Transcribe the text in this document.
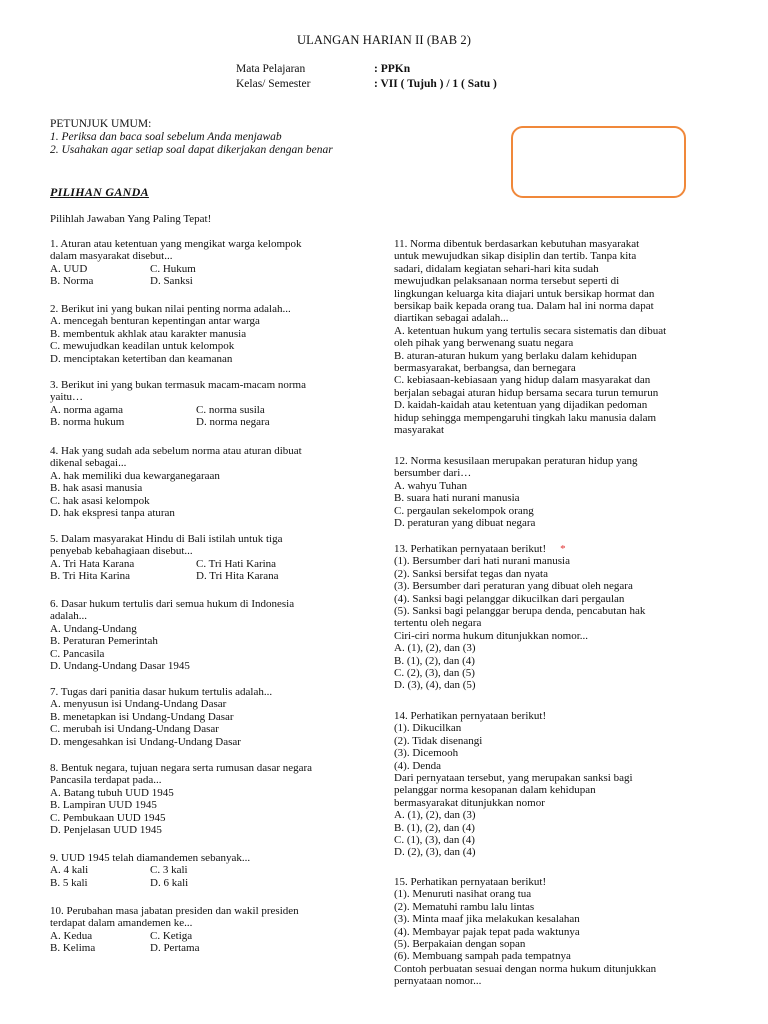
ULANGAN HARIAN II (BAB 2)
Mata Pelajaran	: PPKn
Kelas/ Semester	: VII ( Tujuh ) / 1 ( Satu )
PETUNJUK UMUM:
1. Periksa dan baca soal sebelum Anda menjawab
2. Usahakan agar setiap soal dapat dikerjakan dengan benar
PILIHAN GANDA
Pilihlah Jawaban Yang Paling Tepat!
1. Aturan atau ketentuan yang mengikat warga kelompok
dalam masyarakat disebut...
A. UUD	C. Hukum
B. Norma	D. Sanksi
2. Berikut ini yang bukan nilai penting norma adalah...
A. mencegah benturan kepentingan antar warga
B. membentuk akhlak atau karakter manusia
C. mewujudkan keadilan untuk kelompok
D. menciptakan ketertiban dan keamanan
3. Berikut ini yang bukan termasuk macam-macam norma
yaitu…
A. norma agama	C. norma susila
B. norma hukum	D. norma negara
4. Hak yang sudah ada sebelum norma atau aturan dibuat
dikenal sebagai...
A. hak memiliki dua kewarganegaraan
B. hak asasi manusia
C. hak asasi kelompok
D. hak ekspresi tanpa aturan
5. Dalam masyarakat Hindu di Bali istilah untuk tiga
penyebab kebahagiaan disebut...
A. Tri Hata Karana	C. Tri Hati Karina
B. Tri Hita Karina	D. Tri Hita Karana
6. Dasar hukum tertulis dari semua hukum di Indonesia
adalah...
A. Undang-Undang
B. Peraturan Pemerintah
C. Pancasila
D. Undang-Undang Dasar 1945
7. Tugas dari panitia dasar hukum tertulis adalah...
A. menyusun isi Undang-Undang Dasar
B. menetapkan isi Undang-Undang Dasar
C. merubah isi Undang-Undang Dasar
D. mengesahkan isi Undang-Undang Dasar
8. Bentuk negara, tujuan negara serta rumusan dasar negara
Pancasila terdapat pada...
A. Batang tubuh UUD 1945
B. Lampiran UUD 1945
C. Pembukaan UUD 1945
D. Penjelasan UUD 1945
9. UUD 1945 telah diamandemen sebanyak...
A. 4 kali	C. 3 kali
B. 5 kali	D. 6 kali
10. Perubahan masa jabatan presiden dan wakil presiden
terdapat dalam amandemen ke...
A. Kedua	C. Ketiga
B. Kelima	D. Pertama
11. Norma dibentuk berdasarkan kebutuhan masyarakat
untuk mewujudkan sikap disiplin dan tertib. Tanpa kita
sadari, didalam kegiatan sehari-hari kita sudah
mewujudkan pelaksanaan norma tersebut seperti di
lingkungan keluarga kita diajari untuk bersikap hormat dan
bersikap baik kepada orang tua. Dalam hal ini norma dapat
diartikan sebagai adalah...
A. ketentuan hukum yang tertulis secara sistematis dan dibuat
oleh pihak yang berwenang suatu negara
B. aturan-aturan hukum yang berlaku dalam kehidupan
bermasyarakat, berbangsa, dan bernegara
C. kebiasaan-kebiasaan yang hidup dalam masyarakat dan
berjalan sebagai aturan hidup bersama secara turun temurun
D. kaidah-kaidah atau ketentuan yang dijadikan pedoman
hidup sehingga mempengaruhi tingkah laku manusia dalam
masyarakat
12. Norma kesusilaan merupakan peraturan hidup yang
bersumber dari…
A. wahyu Tuhan
B. suara hati nurani manusia
C. pergaulan sekelompok orang
D. peraturan yang dibuat negara
13. Perhatikan pernyataan berikut! *
(1). Bersumber dari hati nurani manusia
(2). Sanksi bersifat tegas dan nyata
(3). Bersumber dari peraturan yang dibuat oleh negara
(4). Sanksi bagi pelanggar dikucilkan dari pergaulan
(5). Sanksi bagi pelanggar berupa denda, pencabutan hak
tertentu oleh negara
Ciri-ciri norma hukum ditunjukkan nomor...
A. (1), (2), dan (3)
B. (1), (2), dan (4)
C. (2), (3), dan (5)
D. (3), (4), dan (5)
14. Perhatikan pernyataan berikut!
(1). Dikucilkan
(2). Tidak disenangi
(3). Dicemooh
(4). Denda
Dari pernyataan tersebut, yang merupakan sanksi bagi
pelanggar norma kesopanan dalam kehidupan
bermasyarakat ditunjukkan nomor
A. (1), (2), dan (3)
B. (1), (2), dan (4)
C. (1), (3), dan (4)
D. (2), (3), dan (4)
15. Perhatikan pernyataan berikut!
(1). Menuruti nasihat orang tua
(2). Mematuhi rambu lalu lintas
(3). Minta maaf jika melakukan kesalahan
(4). Membayar pajak tepat pada waktunya
(5). Berpakaian dengan sopan
(6). Membuang sampah pada tempatnya
Contoh perbuatan sesuai dengan norma hukum ditunjukkan
pernyataan nomor...
